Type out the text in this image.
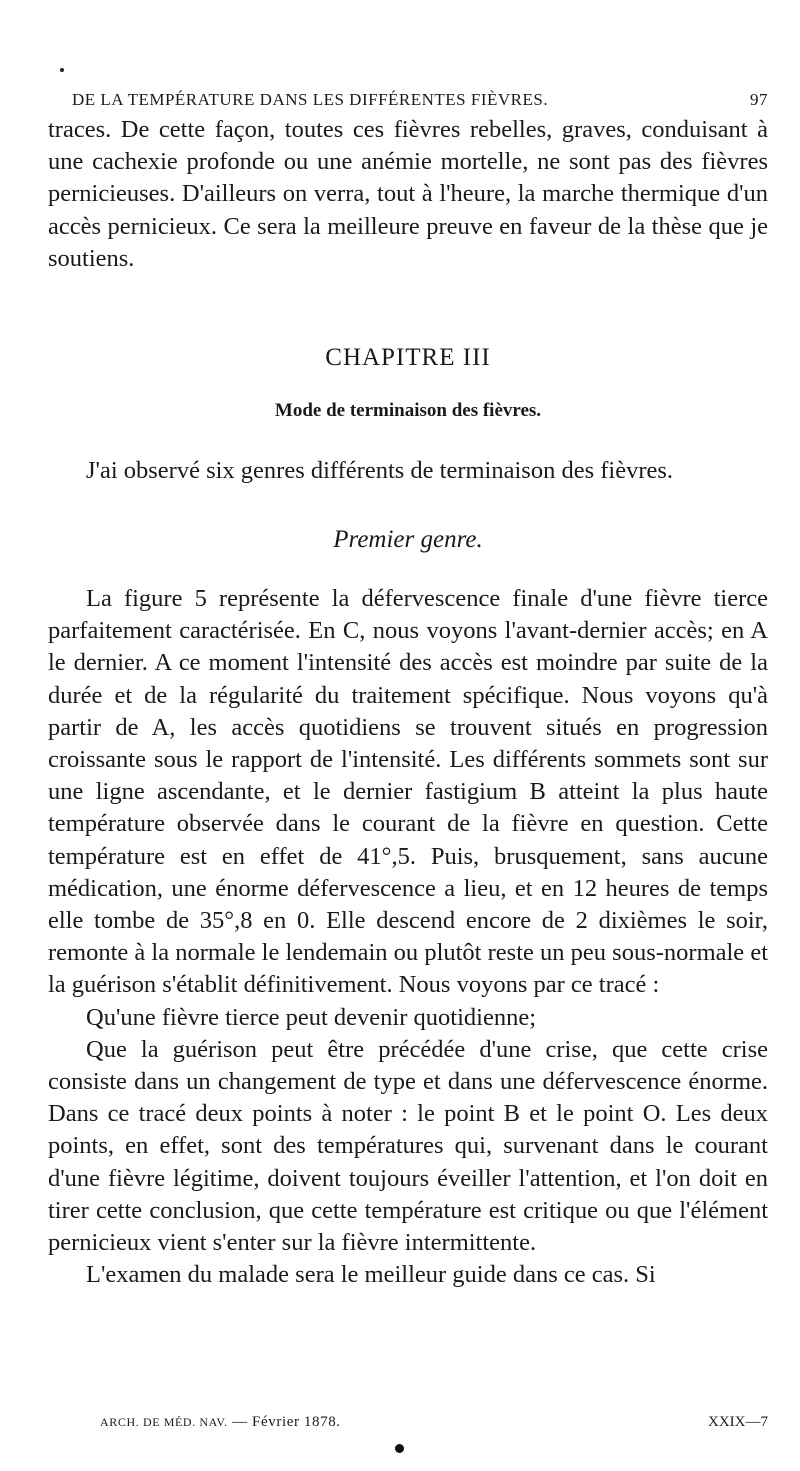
DE LA TEMPÉRATURE DANS LES DIFFÉRENTES FIÈVRES.	97

traces. De cette façon, toutes ces fièvres rebelles, graves, conduisant à une cachexie profonde ou une anémie mortelle, ne sont pas des fièvres pernicieuses. D'ailleurs on verra, tout à l'heure, la marche thermique d'un accès pernicieux. Ce sera la meilleure preuve en faveur de la thèse que je soutiens.

CHAPITRE III
Mode de terminaison des fièvres.

J'ai observé six genres différents de terminaison des fièvres.

Premier genre.

La figure 5 représente la défervescence finale d'une fièvre tierce parfaitement caractérisée. En C, nous voyons l'avant-dernier accès; en A le dernier. A ce moment l'intensité des accès est moindre par suite de la durée et de la régularité du traitement spécifique. Nous voyons qu'à partir de A, les accès quotidiens se trouvent situés en progression croissante sous le rapport de l'intensité. Les différents sommets sont sur une ligne ascendante, et le dernier fastigium B atteint la plus haute température observée dans le courant de la fièvre en question. Cette température est en effet de 41°,5. Puis, brusquement, sans aucune médication, une énorme défervescence a lieu, et en 12 heures de temps elle tombe de 35°,8 en 0. Elle descend encore de 2 dixièmes le soir, remonte à la normale le lendemain ou plutôt reste un peu sous-normale et la guérison s'établit définitivement. Nous voyons par ce tracé :

Qu'une fièvre tierce peut devenir quotidienne;

Que la guérison peut être précédée d'une crise, que cette crise consiste dans un changement de type et dans une défervescence énorme. Dans ce tracé deux points à noter : le point B et le point O. Les deux points, en effet, sont des températures qui, survenant dans le courant d'une fièvre légitime, doivent toujours éveiller l'attention, et l'on doit en tirer cette conclusion, que cette température est critique ou que l'élément pernicieux vient s'enter sur la fièvre intermittente.

L'examen du malade sera le meilleur guide dans ce cas. Si

ARCH. DE MÉD. NAV. — Février 1878.	XXIX—7
